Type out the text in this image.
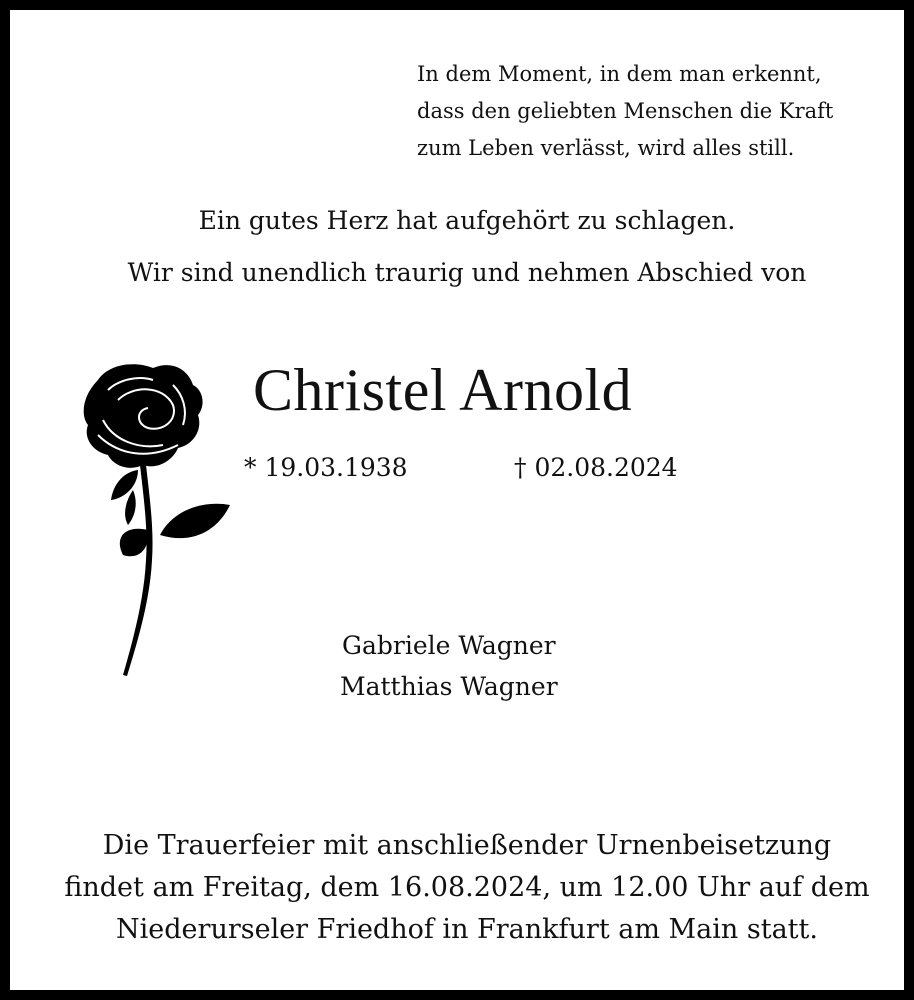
In dem Moment, in dem man erkennt,
dass den geliebten Menschen die Kraft
zum Leben verlässt, wird alles still.
Ein gutes Herz hat aufgehört zu schlagen.
Wir sind unendlich traurig und nehmen Abschied von
Christel Arnold
* 19.03.1938	† 02.08.2024
Gabriele Wagner
Matthias Wagner
Die Trauerfeier mit anschließender Urnenbeisetzung
findet am Freitag, dem 16.08.2024, um 12.00 Uhr auf dem
Niederurseler Friedhof in Frankfurt am Main statt.
